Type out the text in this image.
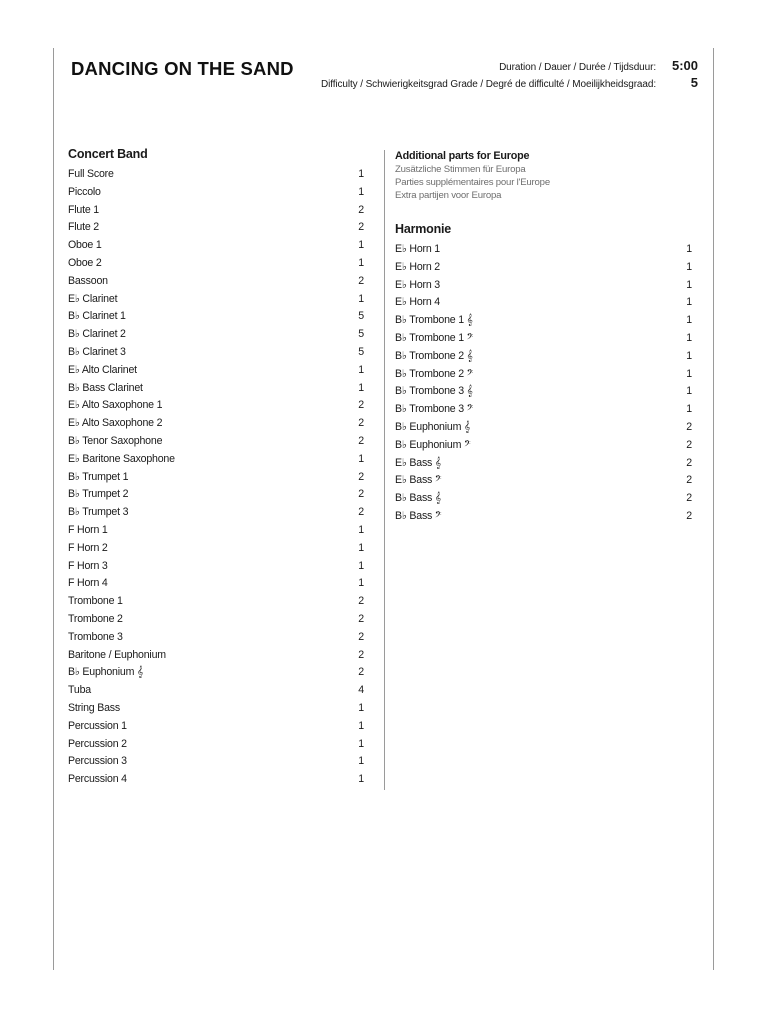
DANCING ON THE SAND	Duration / Dauer / Durée / Tijdsduur:	5:00
Difficulty / Schwierigkeitsgrad Grade / Degré de difficulté / Moeilijkheidsgraad:	5
Concert Band
Full Score	1
Piccolo	1
Flute 1	2
Flute 2	2
Oboe 1	1
Oboe 2	1
Bassoon	2
E♭ Clarinet	1
B♭ Clarinet 1	5
B♭ Clarinet 2	5
B♭ Clarinet 3	5
E♭ Alto Clarinet	1
B♭ Bass Clarinet	1
E♭ Alto Saxophone 1	2
E♭ Alto Saxophone 2	2
B♭ Tenor Saxophone	2
E♭ Baritone Saxophone	1
B♭ Trumpet 1	2
B♭ Trumpet 2	2
B♭ Trumpet 3	2
F Horn 1	1
F Horn 2	1
F Horn 3	1
F Horn 4	1
Trombone 1	2
Trombone 2	2
Trombone 3	2
Baritone / Euphonium	2
B♭ Euphonium 𝄞	2
Tuba	4
String Bass	1
Percussion 1	1
Percussion 2	1
Percussion 3	1
Percussion 4	1
Additional parts for Europe
Zusätzliche Stimmen für Europa
Parties supplémentaires pour l'Europe
Extra partijen voor Europa
Harmonie
E♭ Horn 1	1
E♭ Horn 2	1
E♭ Horn 3	1
E♭ Horn 4	1
B♭ Trombone 1 𝄞	1
B♭ Trombone 1 𝄢	1
B♭ Trombone 2 𝄞	1
B♭ Trombone 2 𝄢	1
B♭ Trombone 3 𝄞	1
B♭ Trombone 3 𝄢	1
B♭ Euphonium 𝄞	2
B♭ Euphonium 𝄢	2
E♭ Bass 𝄞	2
E♭ Bass 𝄢	2
B♭ Bass 𝄞	2
B♭ Bass 𝄢	2
